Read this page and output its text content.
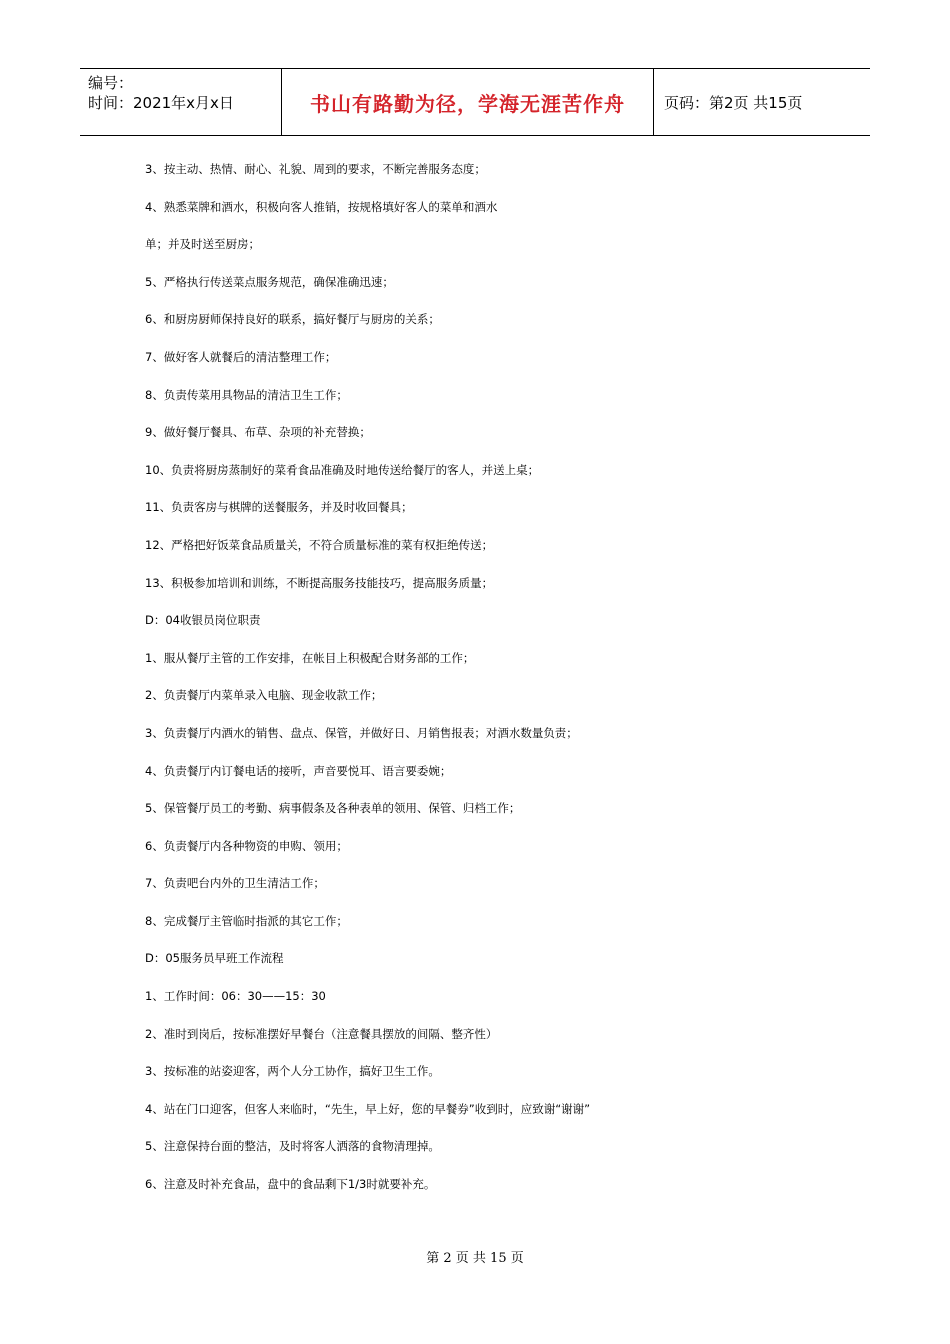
编号：
时间：2021年x月x日	书山有路勤为径，学海无涯苦作舟	页码：第2页 共15页
3、按主动、热情、耐心、礼貌、周到的要求，不断完善服务态度；
4、熟悉菜牌和酒水，积极向客人推销，按规格填好客人的菜单和酒水
单；并及时送至厨房；
5、严格执行传送菜点服务规范，确保准确迅速；
6、和厨房厨师保持良好的联系，搞好餐厅与厨房的关系；
7、做好客人就餐后的清洁整理工作；
8、负责传菜用具物品的清洁卫生工作；
9、做好餐厅餐具、布草、杂项的补充替换；
10、负责将厨房蒸制好的菜肴食品准确及时地传送给餐厅的客人，并送上桌；
11、负责客房与棋牌的送餐服务，并及时收回餐具；
12、严格把好饭菜食品质量关，不符合质量标准的菜有权拒绝传送；
13、积极参加培训和训练，不断提高服务技能技巧，提高服务质量；
D：04收银员岗位职责
1、服从餐厅主管的工作安排，在帐目上积极配合财务部的工作；
2、负责餐厅内菜单录入电脑、现金收款工作；
3、负责餐厅内酒水的销售、盘点、保管，并做好日、月销售报表；对酒水数量负责；
4、负责餐厅内订餐电话的接听，声音要悦耳、语言要委婉；
5、保管餐厅员工的考勤、病事假条及各种表单的领用、保管、归档工作；
6、负责餐厅内各种物资的申购、领用；
7、负责吧台内外的卫生清洁工作；
8、完成餐厅主管临时指派的其它工作；
D：05服务员早班工作流程
1、工作时间：06：30——15：30
2、准时到岗后，按标准摆好早餐台（注意餐具摆放的间隔、整齐性）
3、按标准的站姿迎客，两个人分工协作，搞好卫生工作。
4、站在门口迎客，但客人来临时，“先生，早上好，您的早餐券”收到时，应致谢“谢谢”
5、注意保持台面的整洁，及时将客人洒落的食物清理掉。
6、注意及时补充食品，盘中的食品剩下1/3时就要补充。
第 2 页 共 15 页
